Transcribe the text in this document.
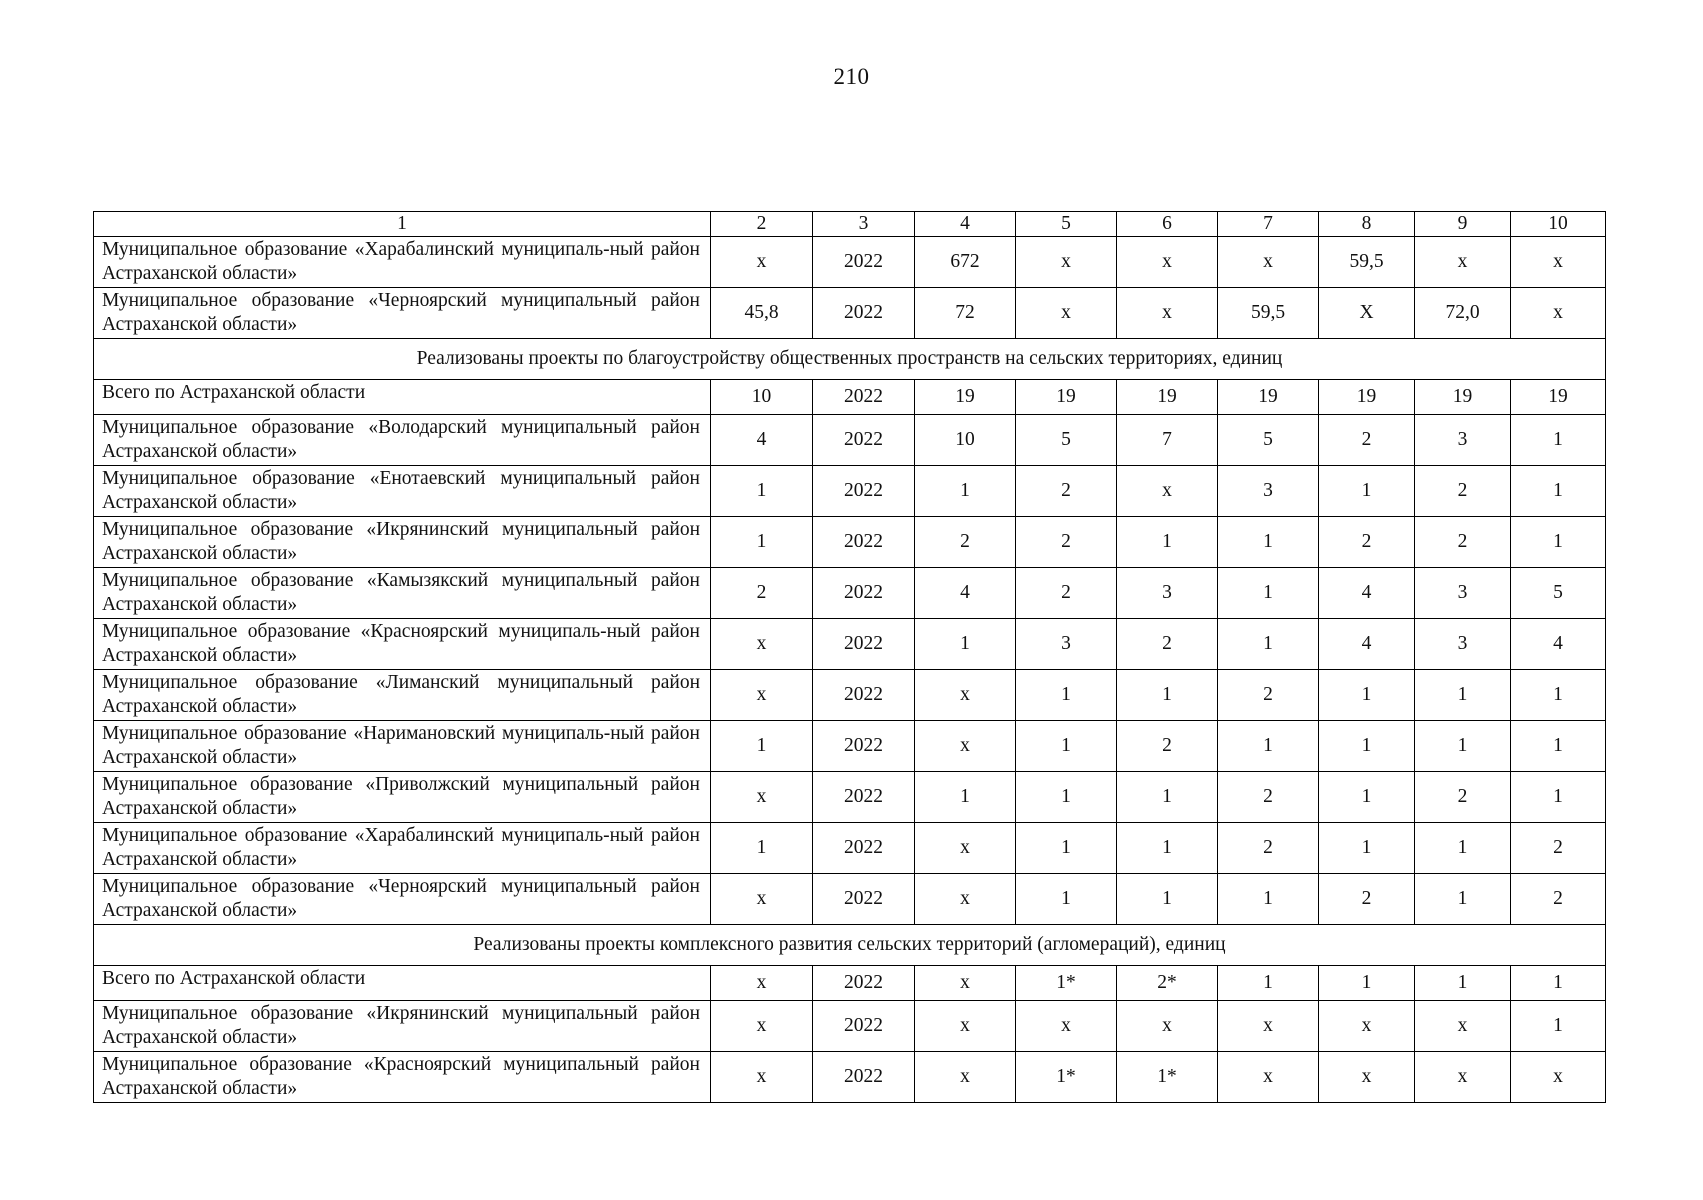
210
1	2	3	4	5	6	7	8	9	10
Муниципальное образование «Харабалинский муниципаль-ный район Астраханской области»	х	2022	672	х	х	х	59,5	х	х
Муниципальное образование «Черноярский муниципальный район Астраханской области»	45,8	2022	72	х	х	59,5	Х	72,0	х
Реализованы проекты по благоустройству общественных пространств на сельских территориях, единиц									
Всего по Астраханской области	10	2022	19	19	19	19	19	19	19
Муниципальное образование «Володарский муниципальный район Астраханской области»	4	2022	10	5	7	5	2	3	1
Муниципальное образование «Енотаевский муниципальный район Астраханской области»	1	2022	1	2	х	3	1	2	1
Муниципальное образование «Икрянинский муниципальный район Астраханской области»	1	2022	2	2	1	1	2	2	1
Муниципальное образование «Камызякский муниципальный район Астраханской области»	2	2022	4	2	3	1	4	3	5
Муниципальное образование «Красноярский муниципаль-ный район Астраханской области»	х	2022	1	3	2	1	4	3	4
Муниципальное образование «Лиманский муниципальный район Астраханской области»	х	2022	х	1	1	2	1	1	1
Муниципальное образование «Наримановский муниципаль-ный район Астраханской области»	1	2022	х	1	2	1	1	1	1
Муниципальное образование «Приволжский муниципальный район Астраханской области»	х	2022	1	1	1	2	1	2	1
Муниципальное образование «Харабалинский муниципаль-ный район Астраханской области»	1	2022	х	1	1	2	1	1	2
Муниципальное образование «Черноярский муниципальный район Астраханской области»	х	2022	х	1	1	1	2	1	2
Реализованы проекты комплексного развития сельских территорий (агломераций), единиц									
Всего по Астраханской области	х	2022	х	1*	2*	1	1	1	1
Муниципальное образование «Икрянинский муниципальный район Астраханской области»	х	2022	х	х	х	х	х	х	1
Муниципальное образование «Красноярский муниципальный район Астраханской области»	х	2022	х	1*	1*	х	х	х	х
